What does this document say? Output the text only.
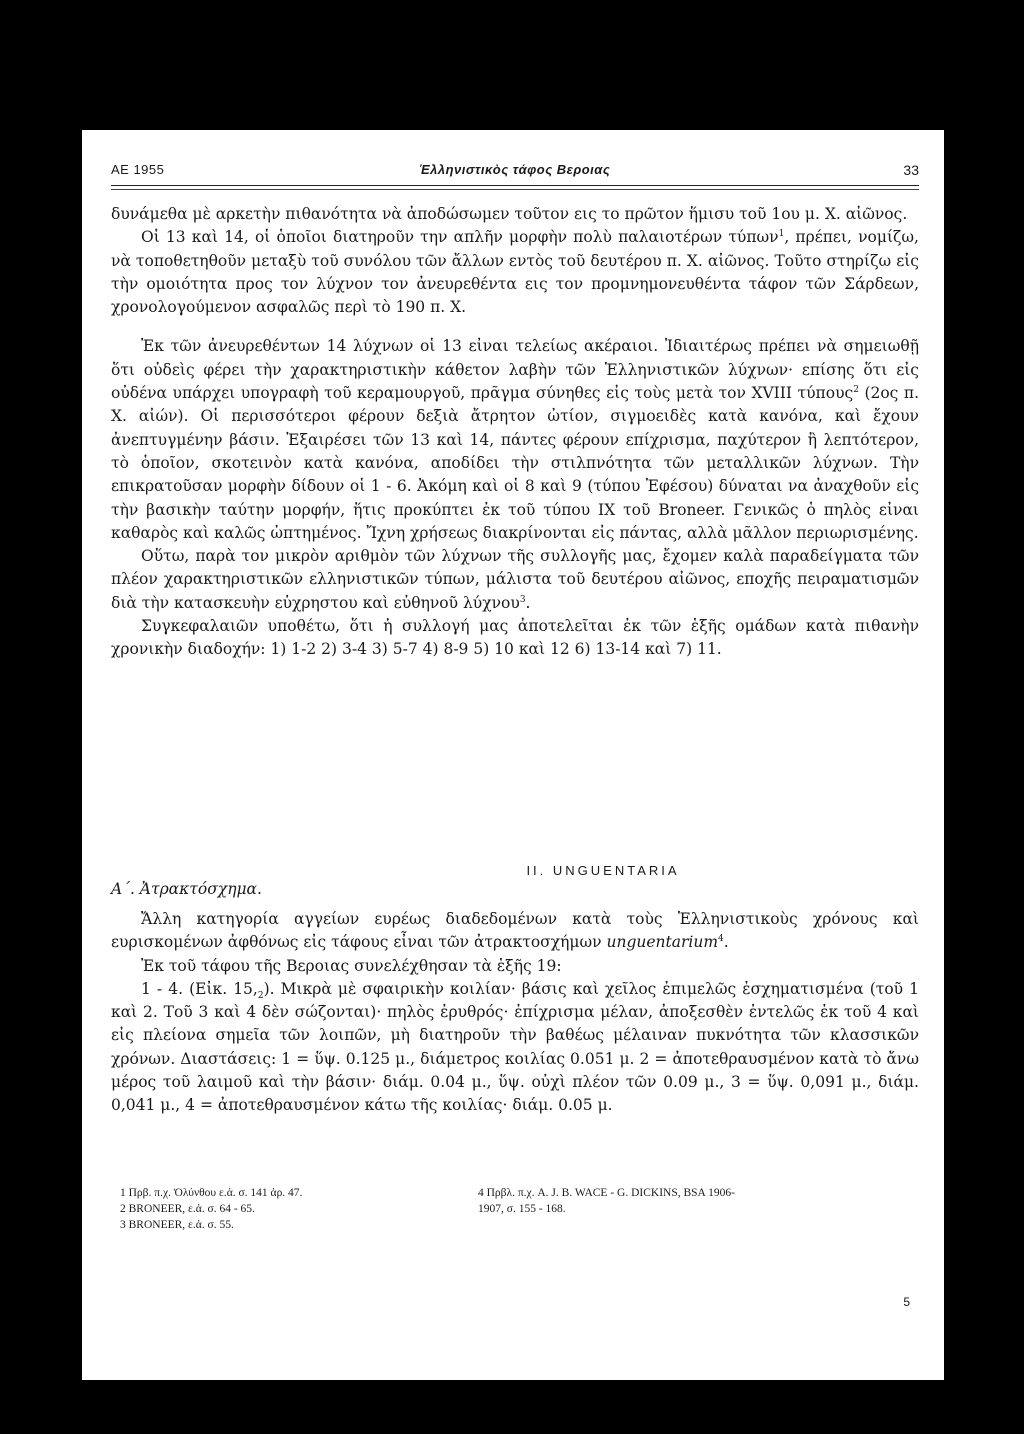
AE 1955	Ἑλληνιστικὸς τάφος Βεροιας	33

δυνάμεθα μὲ αρκετὴν πιθανότητα νὰ ἀποδώσωμεν τοῦτον εις το πρῶτον ἥμισυ τοῦ 1ου μ. Χ. αἰῶνος.

Οἱ 13 καὶ 14, οἱ ὁποῖοι διατηροῦν την απλῆν μορφὴν πολὺ παλαιοτέρων τύπων$^1$, πρέπει, νομίζω, νὰ τοποθετηθοῦν μεταξὺ τοῦ συνόλου τῶν ἄλλων εντὸς τοῦ δευτέρου π. Χ. αἰῶνος. Τοῦτο στηρίζω εἰς τὴν ομοιότητα προς τον λύχνον τον ἀνευρεθέντα εις τον προμνημονευθέντα τάφον τῶν Σάρδεων, χρονολογούμενον ασφαλῶς περὶ τὸ 190 π. Χ.

Ἐκ τῶν ἀνευρεθέντων 14 λύχνων οἱ 13 εἰναι τελείως ακέραιοι. Ἰδιαιτέρως πρέπει νὰ σημειωθῇ ὅτι οὐδεὶς φέρει τὴν χαρακτηριστικὴν κάθετον λαβὴν τῶν Ἑλληνιστικῶν λύχνων· επίσης ὅτι εἰς οὐδένα υπάρχει υπογραφὴ τοῦ κεραμουργοῦ, πρᾶγμα σύνηθες εἰς τοὺς μετὰ τον XVIII τύπους$^2$ (2ος π. Χ. αἰών). Οἱ περισσότεροι φέρουν δεξιὰ ἄτρητον ὠτίον, σιγμοειδὲς κατὰ κανόνα, καὶ ἔχουν ἀνεπτυγμένην βάσιν. Ἐξαιρέσει τῶν 13 καὶ 14, πάντες φέρουν επίχρισμα, παχύτερον ἢ λεπτότερον, τὸ ὁποῖον, σκοτεινὸν κατὰ κανόνα, αποδίδει τὴν στιλπνότητα τῶν μεταλλικῶν λύχνων. Τὴν επικρατοῦσαν μορφὴν δίδουν οἱ 1 - 6. Ἀκόμη καὶ οἱ 8 καὶ 9 (τύπου Ἐφέσου) δύναται να ἀναχθοῦν εἰς τὴν βασικὴν ταύτην μορφήν, ἥτις προκύπτει ἐκ τοῦ τύπου IX τοῦ Broneer. Γενικῶς ὁ πηλὸς εἰναι καθαρὸς καὶ καλῶς ὠπτημένος. Ἴχνη χρήσεως διακρίνονται εἰς πάντας, αλλὰ μᾶλλον περιωρισμένης.

Οὕτω, παρὰ τον μικρὸν αριθμὸν τῶν λύχνων τῆς συλλογῆς μας, ἔχομεν καλὰ παραδείγματα τῶν πλέον χαρακτηριστικῶν ελληνιστικῶν τύπων, μάλιστα τοῦ δευτέρου αἰῶνος, εποχῆς πειραματισμῶν διὰ τὴν κατασκευὴν εὐχρηστου καὶ εὐθηνοῦ λύχνου$^3$.

Συγκεφαλαιῶν υποθέτω, ὅτι ἡ συλλογή μας ἀποτελεῖται ἐκ τῶν ἑξῆς ομάδων κατὰ πιθανὴν χρονικὴν διαδοχήν: 1) 1-2 2) 3-4 3) 5-7 4) 8-9 5) 10 καὶ 12 6) 13-14 καὶ 7) 11.

II. UNGUENTARIA
Α΄. Ἀτρακτόσχημα.

Ἄλλη κατηγορία αγγείων ευρέως διαδεδομένων κατὰ τοὺς Ἑλληνιστικοὺς χρόνους καὶ ευρισκομένων ἀφθόνως εἰς τάφους εἶναι τῶν ἀτρακτοσχήμων unguentarium$^4$.

Ἐκ τοῦ τάφου τῆς Βεροιας συνελέχθησαν τὰ ἑξῆς 19:

1 - 4. (Εἰκ. $15,_2$). Μικρὰ μὲ σφαιρικὴν κοιλίαν· βάσις καὶ χεῖλος ἐπιμελῶς ἐσχηματισμένα (τοῦ 1 καὶ 2. Τοῦ 3 καὶ 4 δὲν σώζονται)· πηλὸς ἐρυθρός· ἐπίχρισμα μέλαν, ἀποξεσθὲν ἐντελῶς ἐκ τοῦ 4 καὶ εἰς πλείονα σημεῖα τῶν λοιπῶν, μὴ διατηροῦν τὴν βαθέως μέλαιναν πυκνότητα τῶν κλασσικῶν χρόνων. Διαστάσεις: 1 = ὕψ. 0.125 μ., διάμετρος κοιλίας 0.051 μ. 2 = ἀποτεθραυσμένον κατὰ τὸ ἄνω μέρος τοῦ λαιμοῦ καὶ τὴν βάσιν· διάμ. 0.04 μ., ὕψ. οὐχὶ πλέον τῶν 0.09 μ., 3 = ὕψ. 0,091 μ., διάμ. 0,041 μ., 4 = ἀποτεθραυσμένον κάτω τῆς κοιλίας· διάμ. 0.05 μ.

1 Πρβ. π.χ. Ὀλύνθου ε.ἁ. σ. 141 ἀρ. 47.
2 BRONEER, ε.ἁ. σ. 64 - 65.
3 BRONEER, ε.ἁ. σ. 55.
4 Πρβλ. π.χ. A. J. B. WACE - G. DICKINS, BSA 1906-
1907, σ. 155 - 168.
5
